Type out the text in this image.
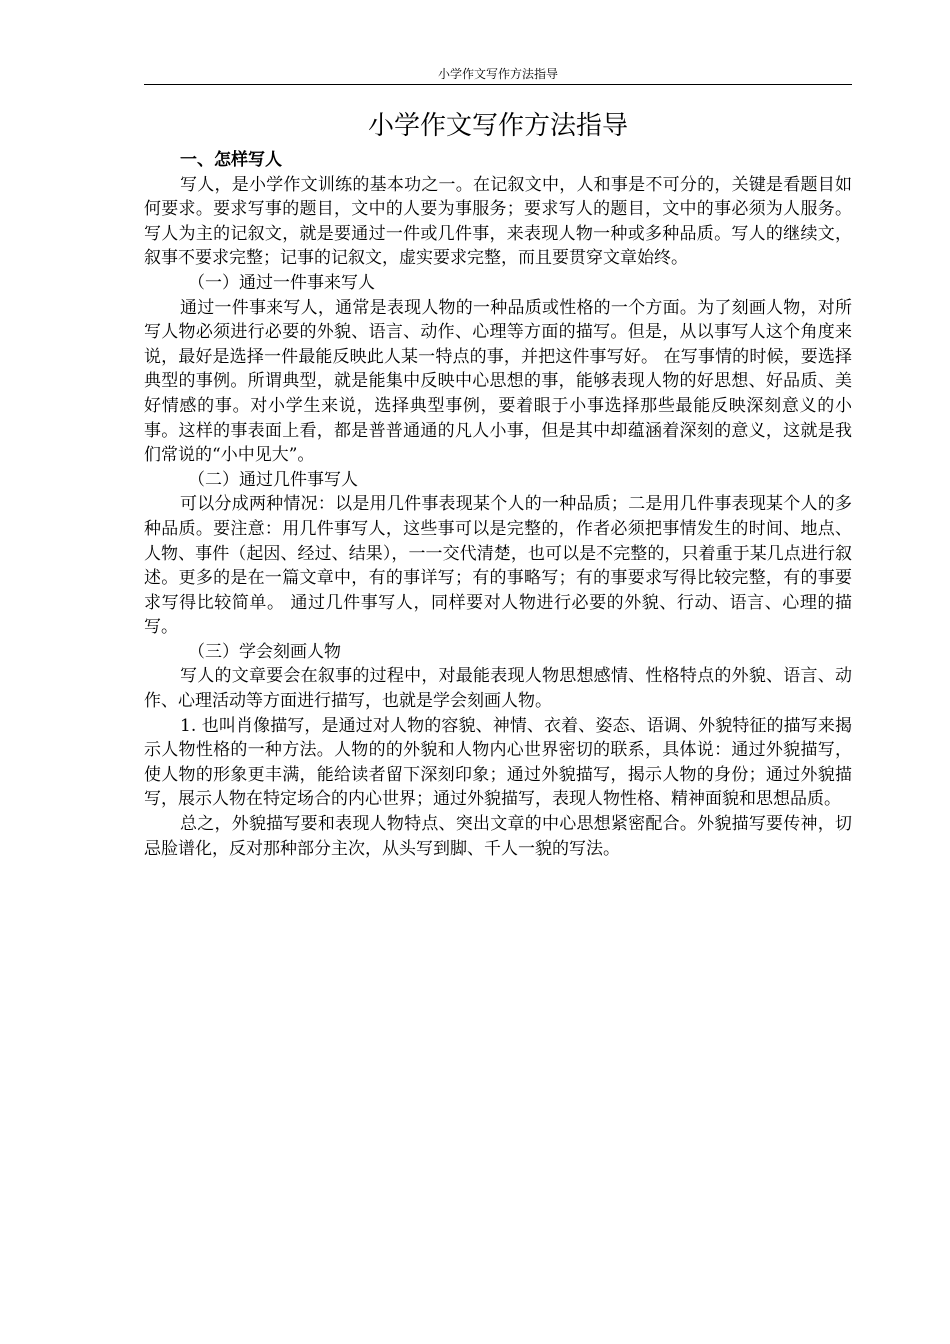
小学作文写作方法指导
小学作文写作方法指导
一、怎样写人

写人，是小学作文训练的基本功之一。在记叙文中，人和事是不可分的，关键是看题目如何要求。要求写事的题目，文中的人要为事服务；要求写人的题目，文中的事必须为人服务。写人为主的记叙文，就是要通过一件或几件事，来表现人物一种或多种品质。写人的继续文，叙事不要求完整；记事的记叙文，虚实要求完整，而且要贯穿文章始终。

（一）通过一件事来写人

通过一件事来写人，通常是表现人物的一种品质或性格的一个方面。为了刻画人物，对所写人物必须进行必要的外貌、语言、动作、心理等方面的描写。但是，从以事写人这个角度来说，最好是选择一件最能反映此人某一特点的事，并把这件事写好。 在写事情的时候，要选择典型的事例。所谓典型，就是能集中反映中心思想的事，能够表现人物的好思想、好品质、美好情感的事。对小学生来说，选择典型事例，要着眼于小事选择那些最能反映深刻意义的小事。这样的事表面上看，都是普普通通的凡人小事，但是其中却蕴涵着深刻的意义，这就是我们常说的“小中见大”。

（二）通过几件事写人

可以分成两种情况：以是用几件事表现某个人的一种品质；二是用几件事表现某个人的多种品质。要注意：用几件事写人，这些事可以是完整的，作者必须把事情发生的时间、地点、人物、事件（起因、经过、结果），一一交代清楚，也可以是不完整的，只着重于某几点进行叙述。更多的是在一篇文章中，有的事详写；有的事略写；有的事要求写得比较完整，有的事要求写得比较简单。 通过几件事写人，同样要对人物进行必要的外貌、行动、语言、心理的描写。

（三）学会刻画人物

写人的文章要会在叙事的过程中，对最能表现人物思想感情、性格特点的外貌、语言、动作、心理活动等方面进行描写，也就是学会刻画人物。

1. 也叫肖像描写，是通过对人物的容貌、神情、衣着、姿态、语调、外貌特征的描写来揭示人物性格的一种方法。人物的的外貌和人物内心世界密切的联系，具体说：通过外貌描写，使人物的形象更丰满，能给读者留下深刻印象；通过外貌描写，揭示人物的身份；通过外貌描写，展示人物在特定场合的内心世界；通过外貌描写，表现人物性格、精神面貌和思想品质。

总之，外貌描写要和表现人物特点、突出文章的中心思想紧密配合。外貌描写要传神，切忌脸谱化，反对那种部分主次，从头写到脚、千人一貌的写法。
